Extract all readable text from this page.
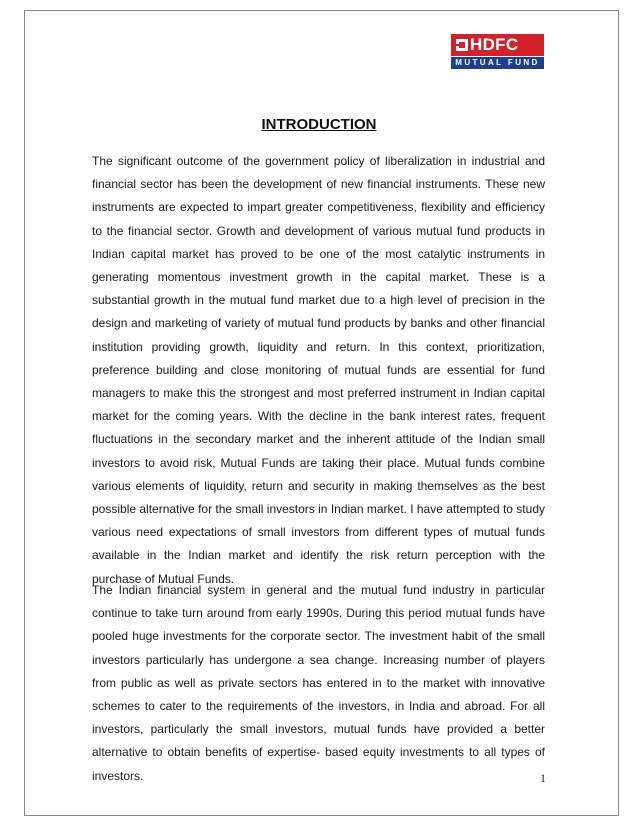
HDFC
MUTUAL FUND
INTRODUCTION

The significant outcome of the government policy of liberalization in industrial and financial sector has been the development of new financial instruments. These new instruments are expected to impart greater competitiveness, flexibility and efficiency to the financial sector. Growth and development of various mutual fund products in Indian capital market has proved to be one of the most catalytic instruments in generating momentous investment growth in the capital market. These is a substantial growth in the mutual fund market due to a high level of precision in the design and marketing of variety of mutual fund products by banks and other financial institution providing growth, liquidity and return. In this context, prioritization, preference building and close monitoring of mutual funds are essential for fund managers to make this the strongest and most preferred instrument in Indian capital market for the coming years. With the decline in the bank interest rates, frequent fluctuations in the secondary market and the inherent attitude of the Indian small investors to avoid risk, Mutual Funds are taking their place. Mutual funds combine various elements of liquidity, return and security in making themselves as the best possible alternative for the small investors in Indian market. I have attempted to study various need expectations of small investors from different types of mutual funds available in the Indian market and identify the risk return perception with the purchase of Mutual Funds.

The Indian financial system in general and the mutual fund industry in particular continue to take turn around from early 1990s. During this period mutual funds have pooled huge investments for the corporate sector. The investment habit of the small investors particularly has undergone a sea change. Increasing number of players from public as well as private sectors has entered in to the market with innovative schemes to cater to the requirements of the investors, in India and abroad. For all investors, particularly the small investors, mutual funds have provided a better alternative to obtain benefits of expertise- based equity investments to all types of investors.	1
